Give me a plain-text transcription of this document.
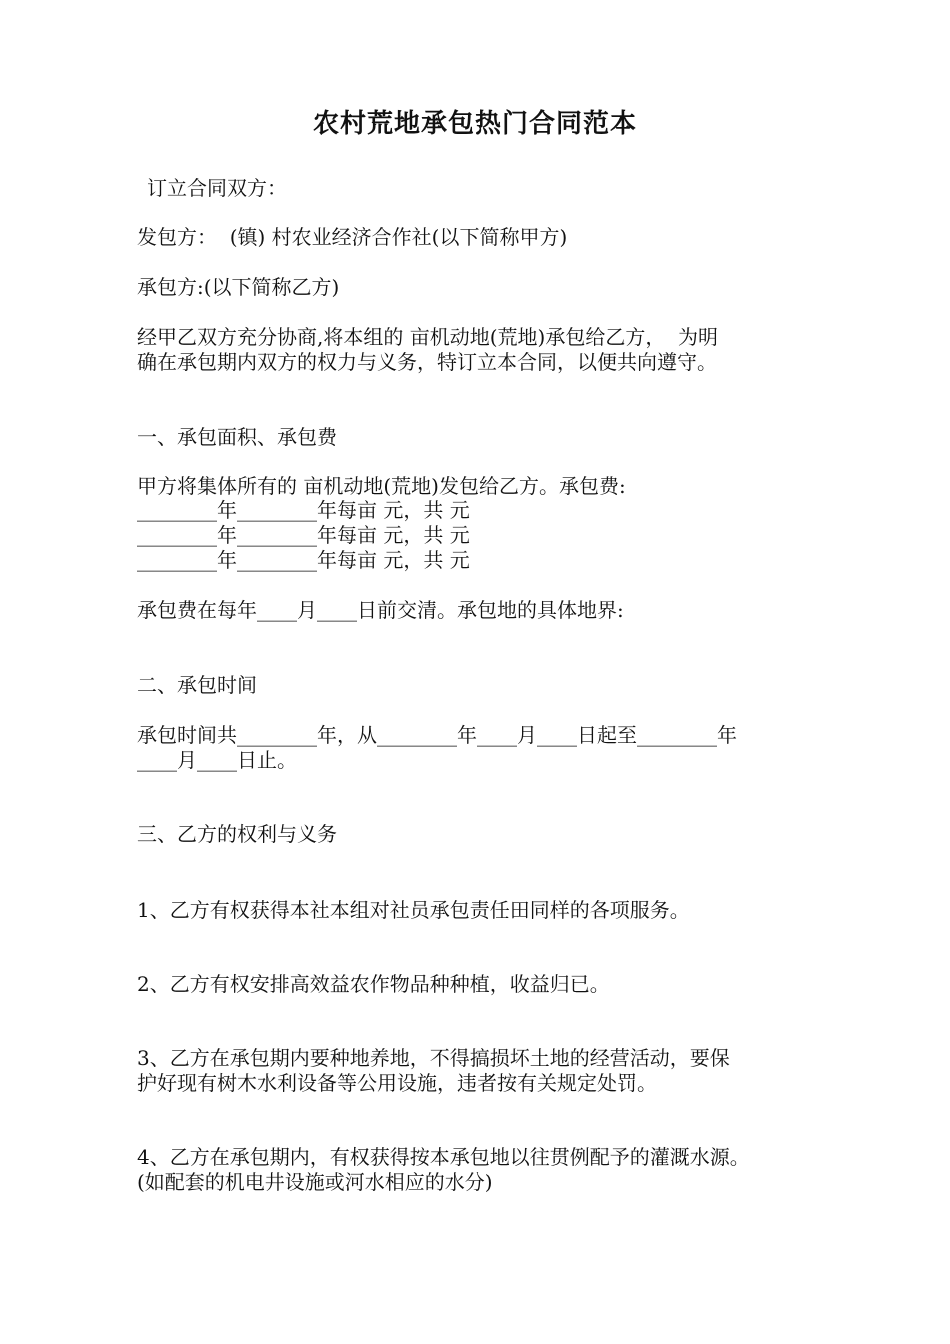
农村荒地承包热门合同范本
订立合同双方：
发包方：  (镇) 村农业经济合作社(以下简称甲方)
承包方:(以下简称乙方)
经甲乙双方充分协商,将本组的 亩机动地(荒地)承包给乙方，  为明
确在承包期内双方的权力与义务，特订立本合同，以便共向遵守。
一、承包面积、承包费
甲方将集体所有的 亩机动地(荒地)发包给乙方。承包费:
________年________年每亩 元，共 元
________年________年每亩 元，共 元
________年________年每亩 元，共 元
承包费在每年____月____日前交清。承包地的具体地界:
二、承包时间
承包时间共________年，从________年____月____日起至________年
____月____日止。
三、乙方的权利与义务
1、乙方有权获得本社本组对社员承包责任田同样的各项服务。
2、乙方有权安排高效益农作物品种种植，收益归已。
3、乙方在承包期内要种地养地，不得搞损坏土地的经营活动，要保
护好现有树木水利设备等公用设施，违者按有关规定处罚。
4、乙方在承包期内，有权获得按本承包地以往贯例配予的灌溉水源。
(如配套的机电井设施或河水相应的水分)
